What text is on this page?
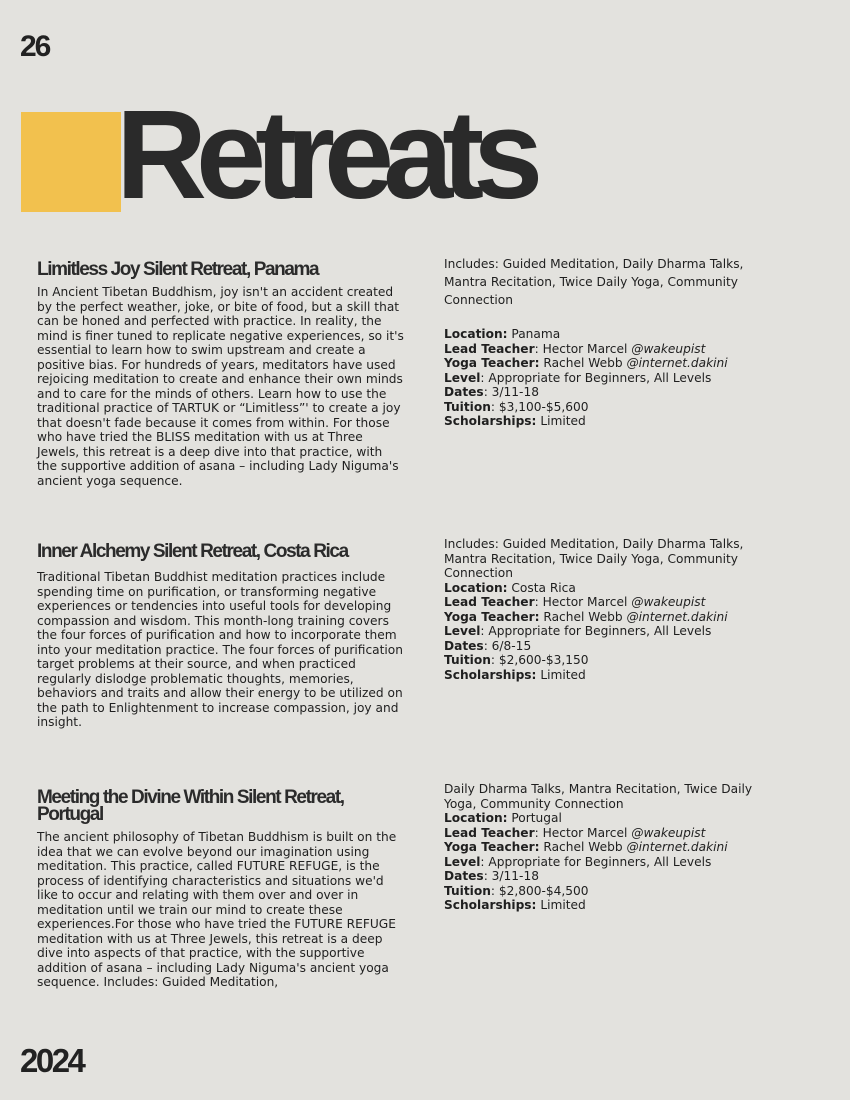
26
Retreats
Limitless Joy Silent Retreat, Panama

In Ancient Tibetan Buddhism, joy isn't an accident created by the perfect weather, joke, or bite of food, but a skill that can be honed and perfected with practice. In reality, the mind is finer tuned to replicate negative experiences, so it's essential to learn how to swim upstream and create a positive bias. For hundreds of years, meditators have used rejoicing meditation to create and enhance their own minds and to care for the minds of others. Learn how to use the traditional practice of TARTUK or “Limitless”' to create a joy that doesn't fade because it comes from within. For those who have tried the BLISS meditation with us at Three Jewels, this retreat is a deep dive into that practice, with the supportive addition of asana – including Lady Niguma's ancient yoga sequence.

Includes: Guided Meditation, Daily Dharma Talks, Mantra Recitation, Twice Daily Yoga, Community Connection

Location: Panama

Lead Teacher: Hector Marcel @wakeupist

Yoga Teacher: Rachel Webb @internet.dakini

Level: Appropriate for Beginners, All Levels

Dates: 3/11-18

Tuition: $3,100-$5,600

Scholarships: Limited

Inner Alchemy Silent Retreat, Costa Rica

Traditional Tibetan Buddhist meditation practices include spending time on purification, or transforming negative experiences or tendencies into useful tools for developing compassion and wisdom. This month-long training covers the four forces of purification and how to incorporate them into your meditation practice. The four forces of purification target problems at their source, and when practiced regularly dislodge problematic thoughts, memories, behaviors and traits and allow their energy to be utilized on the path to Enlightenment to increase compassion, joy and insight.

Includes: Guided Meditation, Daily Dharma Talks, Mantra Recitation, Twice Daily Yoga, Community Connection

Location: Costa Rica

Lead Teacher: Hector Marcel @wakeupist

Yoga Teacher: Rachel Webb @internet.dakini

Level: Appropriate for Beginners, All Levels

Dates: 6/8-15

Tuition: $2,600-$3,150

Scholarships: Limited

Meeting the Divine Within Silent Retreat, Portugal

The ancient philosophy of Tibetan Buddhism is built on the idea that we can evolve beyond our imagination using meditation. This practice, called FUTURE REFUGE, is the process of identifying characteristics and situations we'd like to occur and relating with them over and over in meditation until we train our mind to create these experiences.For those who have tried the FUTURE REFUGE meditation with us at Three Jewels, this retreat is a deep dive into aspects of that practice, with the supportive addition of asana – including Lady Niguma's ancient yoga sequence. Includes: Guided Meditation,

Daily Dharma Talks, Mantra Recitation, Twice Daily Yoga, Community Connection

Location: Portugal

Lead Teacher: Hector Marcel @wakeupist

Yoga Teacher: Rachel Webb @internet.dakini

Level: Appropriate for Beginners, All Levels

Dates: 3/11-18

Tuition: $2,800-$4,500

Scholarships: Limited

2024
